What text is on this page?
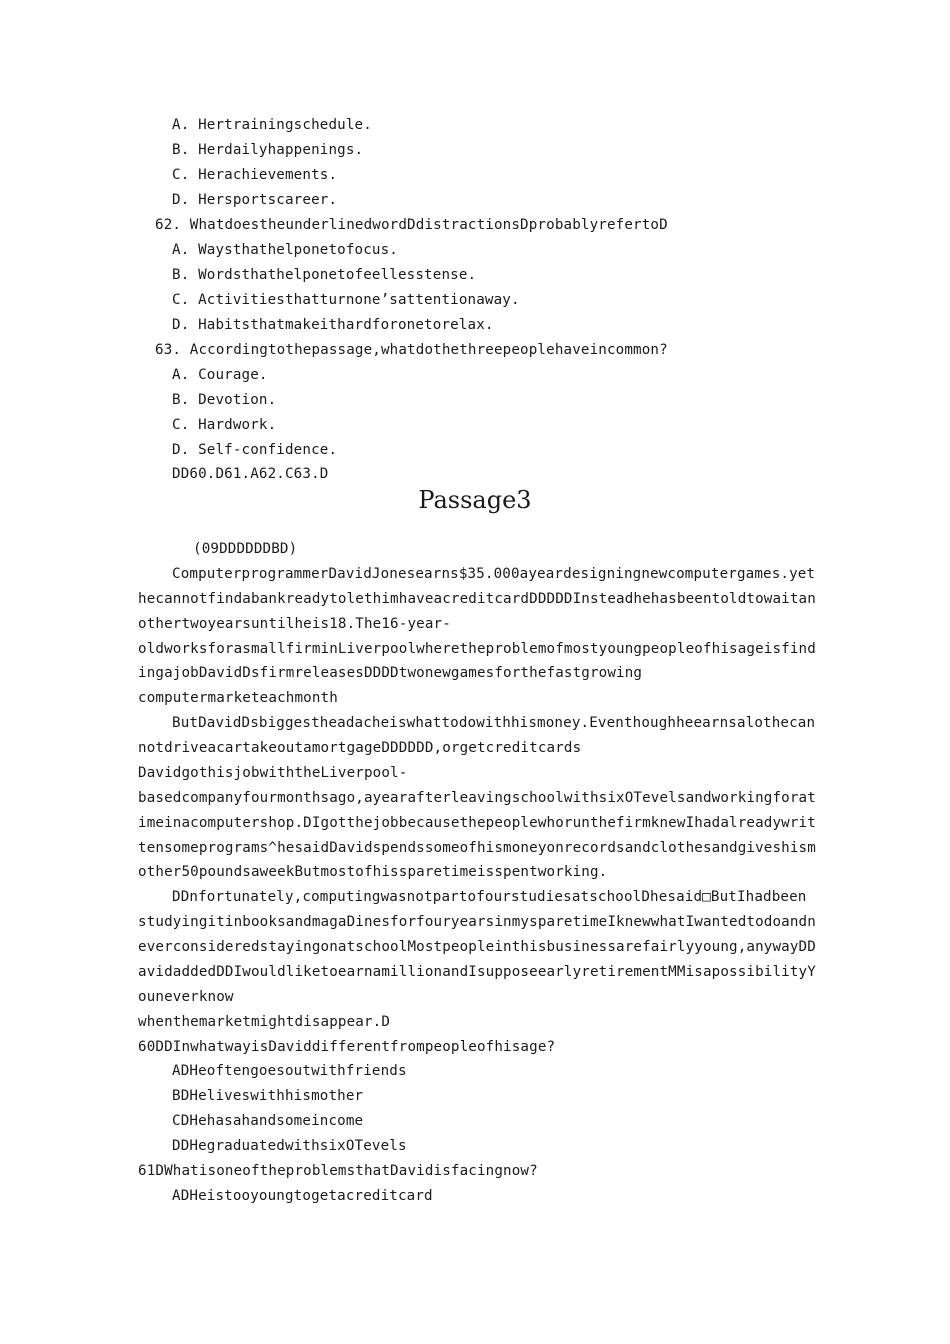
A. Hertrainingschedule.
B. Herdailyhappenings.
C. Herachievements.
D. Hersportscareer.
62. WhatdoestheunderlinedwordDdistractionsDprobablyrefertoD
A. Waysthathelponetofocus.
B. Wordsthathelponetofeellesstense.
C. Activitiesthatturnone’sattentionaway.
D. Habitsthatmakeithardforonetorelax.
63. Accordingtothepassage,whatdothethreepeoplehaveincommon?
A. Courage.
B. Devotion.
C. Hardwork.
D. Self-confidence.
DD60.D61.A62.C63.D
Passage3
(09DDDDDDBD)
ComputerprogrammerDavidJonesearns$35.000ayeardesigningnewcomputergames.yet
hecannotfindabankreadytolethimhaveacreditcardDDDDDInsteadhehasbeentoldtowaitan
othertwoyearsuntilheis18.The16-year-
oldworksforasmallfirminLiverpoolwheretheproblemofmostyoungpeopleofhisageisfind
ingajobDavidDsfirmreleasesDDDDtwonewgamesforthefastgrowing
computermarketeachmonth
ButDavidDsbiggestheadacheiswhattodowithhismoney.Eventhoughheearnsalothecan
notdriveacartakeoutamortgageDDDDDD,orgetcreditcards
DavidgothisjobwiththeLiverpool-
basedcompanyfourmonthsago,ayearafterleavingschoolwithsixOTevelsandworkingforat
imeinacomputershop.DIgotthejobbecausethepeoplewhorunthefirmknewIhadalreadywrit
tensomeprograms^hesaidDavidspendssomeofhismoneyonrecordsandclothesandgiveshism
other50poundsaweekButmostofhissparetimeisspentworking.
DDnfortunately,computingwasnotpartofourstudiesatschoolDhesaid□ButIhadbeen
studyingitinbooksandmagaDinesforfouryearsinmysparetimeIknewwhatIwantedtodoandn
everconsideredstayingonatschoolMostpeopleinthisbusinessarefairlyyoung,anywayDD
avidaddedDDIwouldliketoearnamillionandIsupposeearlyretirementMMisapossibilityY
ouneverknow
whenthemarketmightdisappear.D
60DDInwhatwayisDaviddifferentfrompeopleofhisage?
ADHeoftengoesoutwithfriends
BDHeliveswithhismother
CDHehasahandsomeincome
DDHegraduatedwithsixOTevels
61DWhatisoneoftheproblemsthatDavidisfacingnow?
ADHeistooyoungtogetacreditcard
